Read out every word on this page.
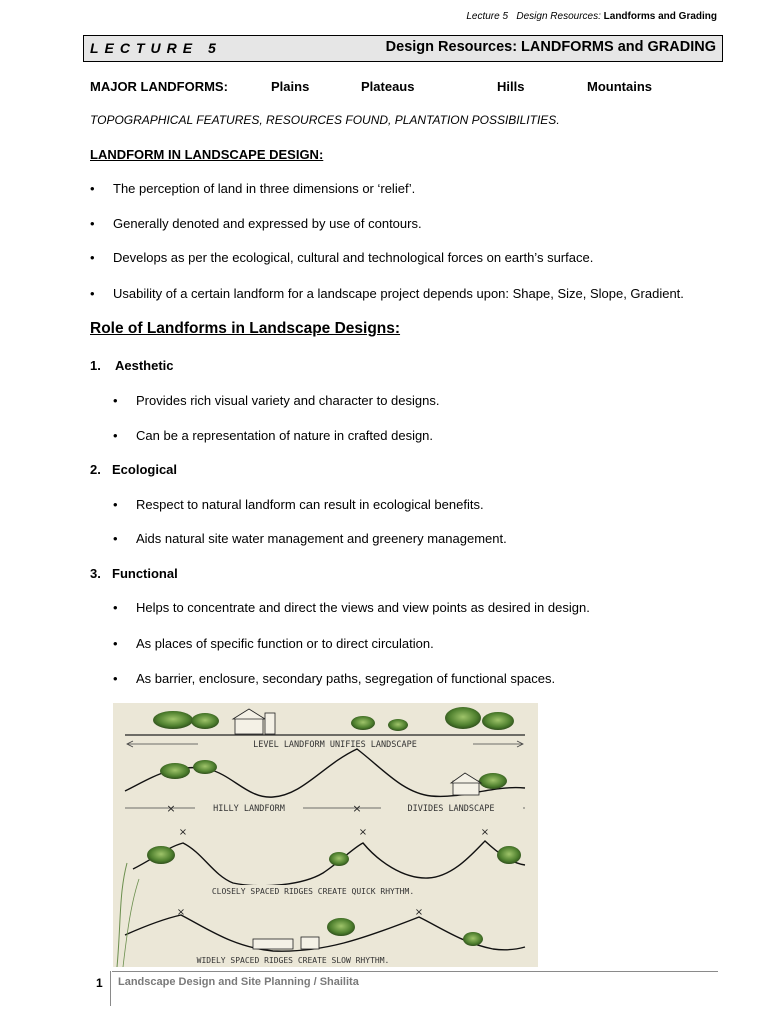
Lecture 5 Design Resources: Landforms and Grading
LECTURE 5	Design Resources: LANDFORMS and GRADING
MAJOR LANDFORMS:	Plains	Plateaus	Hills	Mountains
TOPOGRAPHICAL FEATURES, RESOURCES FOUND, PLANTATION POSSIBILITIES.
LANDFORM IN LANDSCAPE DESIGN:
• The perception of land in three dimensions or ‘relief’.
• Generally denoted and expressed by use of contours.
• Develops as per the ecological, cultural and technological forces on earth’s surface.
• Usability of a certain landform for a landscape project depends upon: Shape, Size, Slope, Gradient.
Role of Landforms in Landscape Designs:
1. Aesthetic
• Provides rich visual variety and character to designs.
• Can be a representation of nature in crafted design.
2. Ecological
• Respect to natural landform can result in ecological benefits.
• Aids natural site water management and greenery management.
3. Functional
• Helps to concentrate and direct the views and view points as desired in design.
• As places of specific function or to direct circulation.
• As barrier, enclosure, secondary paths, segregation of functional spaces.
LEVEL LANDFORM UNIFIES LANDSCAPE
HILLY LANDFORM	DIVIDES LANDSCAPE
×	×
×	×	×
CLOSELY SPACED RIDGES CREATE QUICK RHYTHM.
×	×
WIDELY SPACED RIDGES CREATE SLOW RHYTHM.
1 Landscape Design and Site Planning / Shailita
